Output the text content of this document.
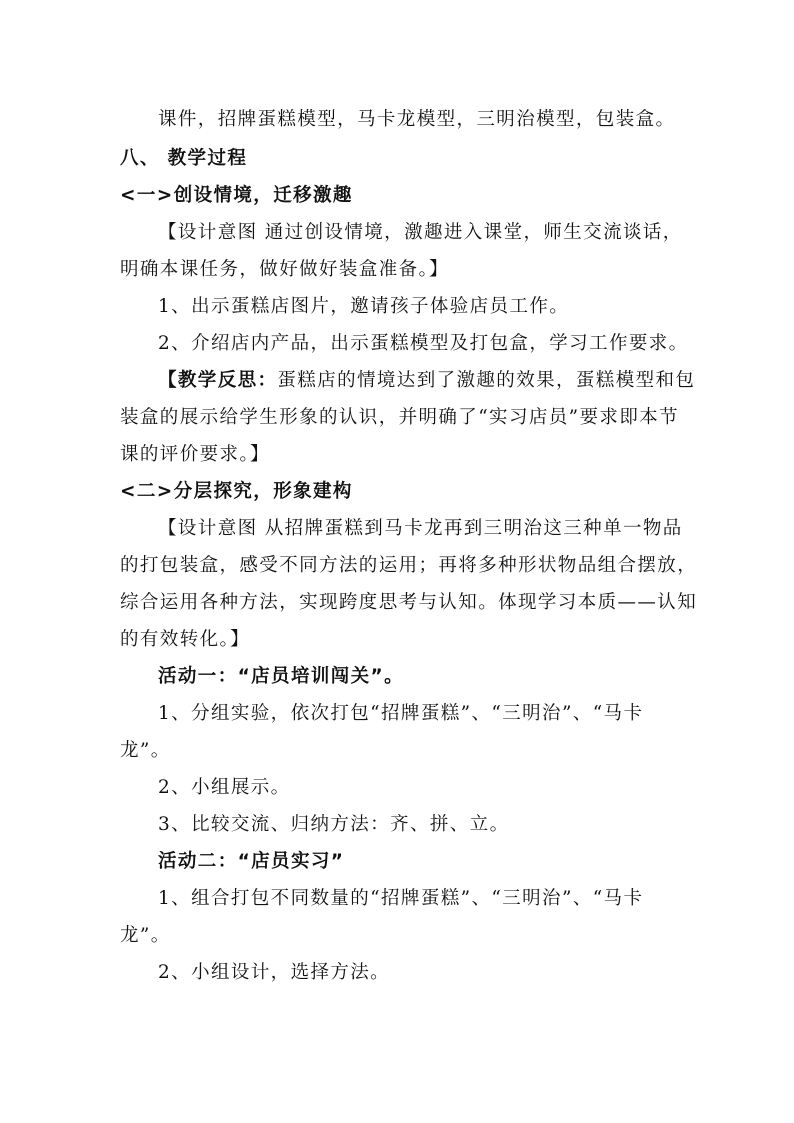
课件，招牌蛋糕模型，马卡龙模型，三明治模型，包装盒。
八、 教学过程
<一>创设情境，迁移激趣
【设计意图 通过创设情境，激趣进入课堂，师生交流谈话，
明确本课任务，做好做好装盒准备。】
1、出示蛋糕店图片，邀请孩子体验店员工作。
2、介绍店内产品，出示蛋糕模型及打包盒，学习工作要求。
【教学反思：蛋糕店的情境达到了激趣的效果，蛋糕模型和包
装盒的展示给学生形象的认识，并明确了“实习店员”要求即本节
课的评价要求。】
<二>分层探究，形象建构
【设计意图 从招牌蛋糕到马卡龙再到三明治这三种单一物品
的打包装盒，感受不同方法的运用；再将多种形状物品组合摆放，
综合运用各种方法，实现跨度思考与认知。体现学习本质——认知
的有效转化。】
活动一：“店员培训闯关”。
1、分组实验，依次打包“招牌蛋糕”、“三明治”、“马卡
龙”。
2、小组展示。
3、比较交流、归纳方法：齐、拼、立。
活动二：“店员实习”
1、组合打包不同数量的“招牌蛋糕”、“三明治”、“马卡
龙”。
2、小组设计，选择方法。
